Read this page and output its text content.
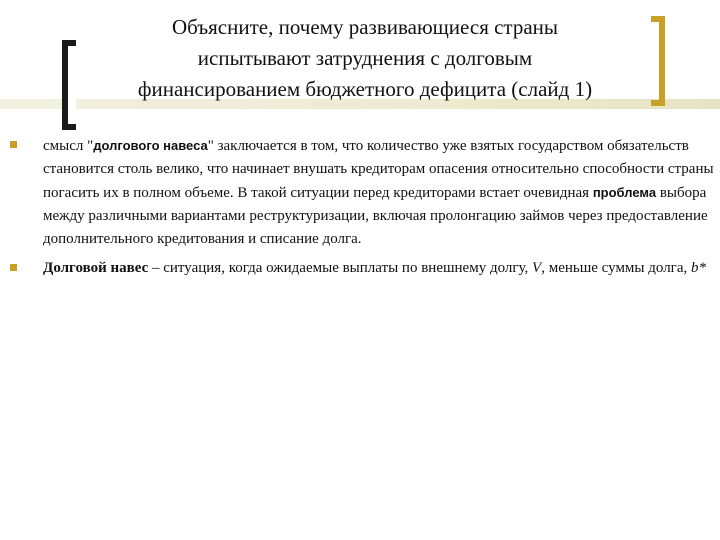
Объясните, почему развивающиеся страны
испытывают затруднения с долговым
финансированием бюджетного дефицита (слайд 1)
смысл "долгового навеса" заключается в том, что количество уже взятых государством обязательств становится столь велико, что начинает внушать кредиторам опасения относительно способности страны погасить их в полном объеме. В такой ситуации перед кредиторами встает очевидная проблема выбора между различными вариантами реструктуризации, включая пролонгацию займов через предоставление дополнительного кредитования и списание долга.
Долговой навес – ситуация, когда ожидаемые выплаты по внешнему долгу, V, меньше суммы долга, b*
